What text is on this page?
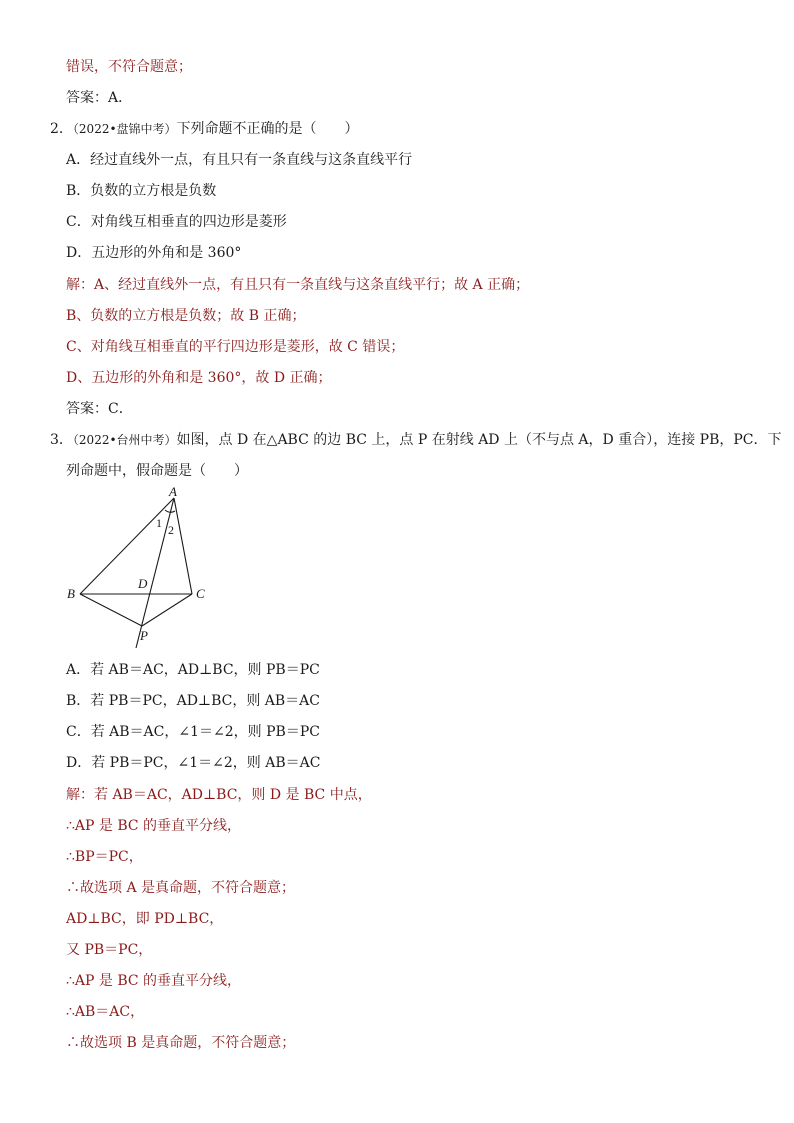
错误，不符合题意；
答案：A．
2．（2022•盘锦中考）下列命题不正确的是（　　）
A．经过直线外一点，有且只有一条直线与这条直线平行
B．负数的立方根是负数
C．对角线互相垂直的四边形是菱形
D．五边形的外角和是 360°
解：A、经过直线外一点，有且只有一条直线与这条直线平行；故 A 正确；
B、负数的立方根是负数；故 B 正确；
C、对角线互相垂直的平行四边形是菱形，故 C 错误；
D、五边形的外角和是 360°，故 D 正确；
答案：C．
3．（2022•台州中考）如图，点 D 在△ABC 的边 BC 上，点 P 在射线 AD 上（不与点 A，D 重合），连接 PB，PC．下
列命题中，假命题是（　　）
A
B	C
D
P
1 2
A．若 AB＝AC，AD⊥BC，则 PB＝PC
B．若 PB＝PC，AD⊥BC，则 AB＝AC
C．若 AB＝AC，∠1＝∠2，则 PB＝PC
D．若 PB＝PC，∠1＝∠2，则 AB＝AC
解：若 AB＝AC，AD⊥BC，则 D 是 BC 中点，
∴AP 是 BC 的垂直平分线，
∴BP＝PC，
∴故选项 A 是真命题，不符合题意；
AD⊥BC，即 PD⊥BC，
又 PB＝PC，
∴AP 是 BC 的垂直平分线，
∴AB＝AC，
∴故选项 B 是真命题，不符合题意；
